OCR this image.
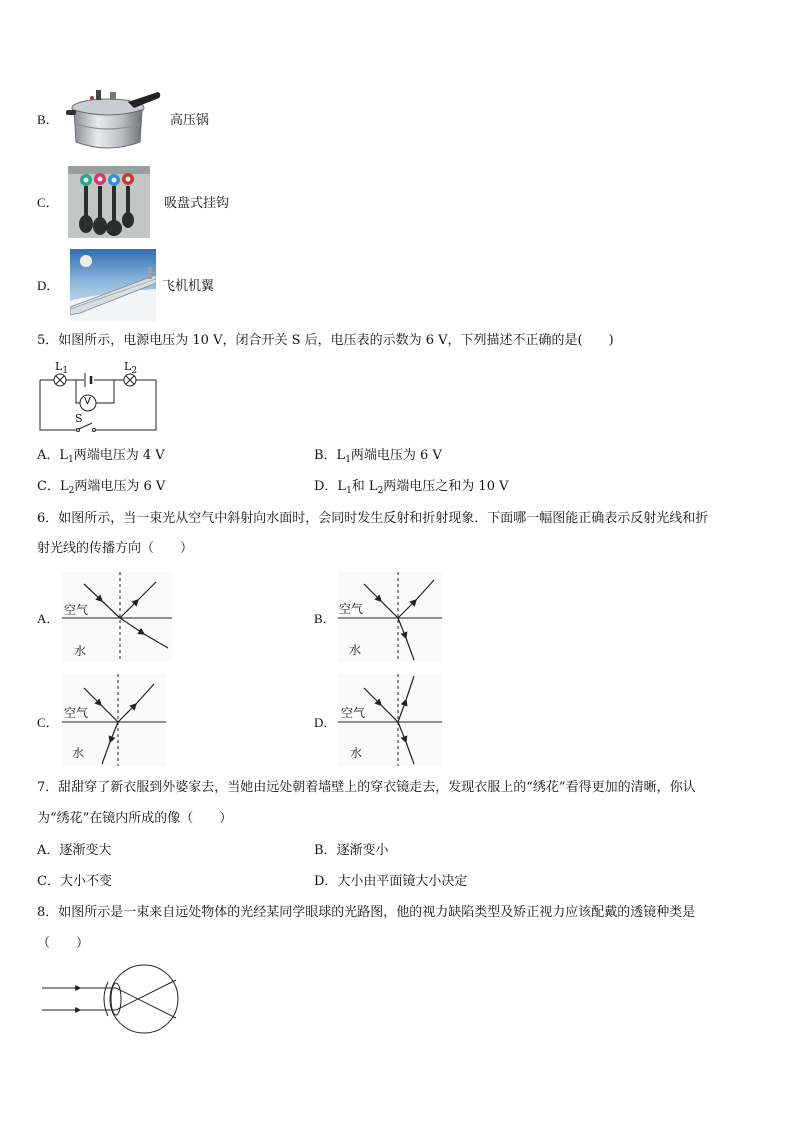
B．	高压锅
C．	吸盘式挂钩
D．	飞机机翼
5．如图所示，电源电压为 10 V，闭合开关 S 后，电压表的示数为 6 V，下列描述不正确的是(　　)
$L_1$	$L_2$
V
S
A．$L_1$两端电压为 4 V	B．$L_1$两端电压为 6 V
C．$L_2$两端电压为 6 V	D．$L_1$和 $L_2$两端电压之和为 10 V
6．如图所示，当一束光从空气中斜射向水面时，会同时发生反射和折射现象．下面哪一幅图能正确表示反射光线和折
射光线的传播方向（　　）
A．
空气
水
B．
空气
水
C．
空气
水
D．
空气
水
7．甜甜穿了新衣服到外婆家去，当她由远处朝着墙壁上的穿衣镜走去，发现衣服上的“绣花”看得更加的清晰，你认
为“绣花”在镜内所成的像（　　）
A．逐渐变大	B．逐渐变小
C．大小不变	D．大小由平面镜大小决定
8．如图所示是一束来自远处物体的光经某同学眼球的光路图，他的视力缺陷类型及矫正视力应该配戴的透镜种类是
（　　）
